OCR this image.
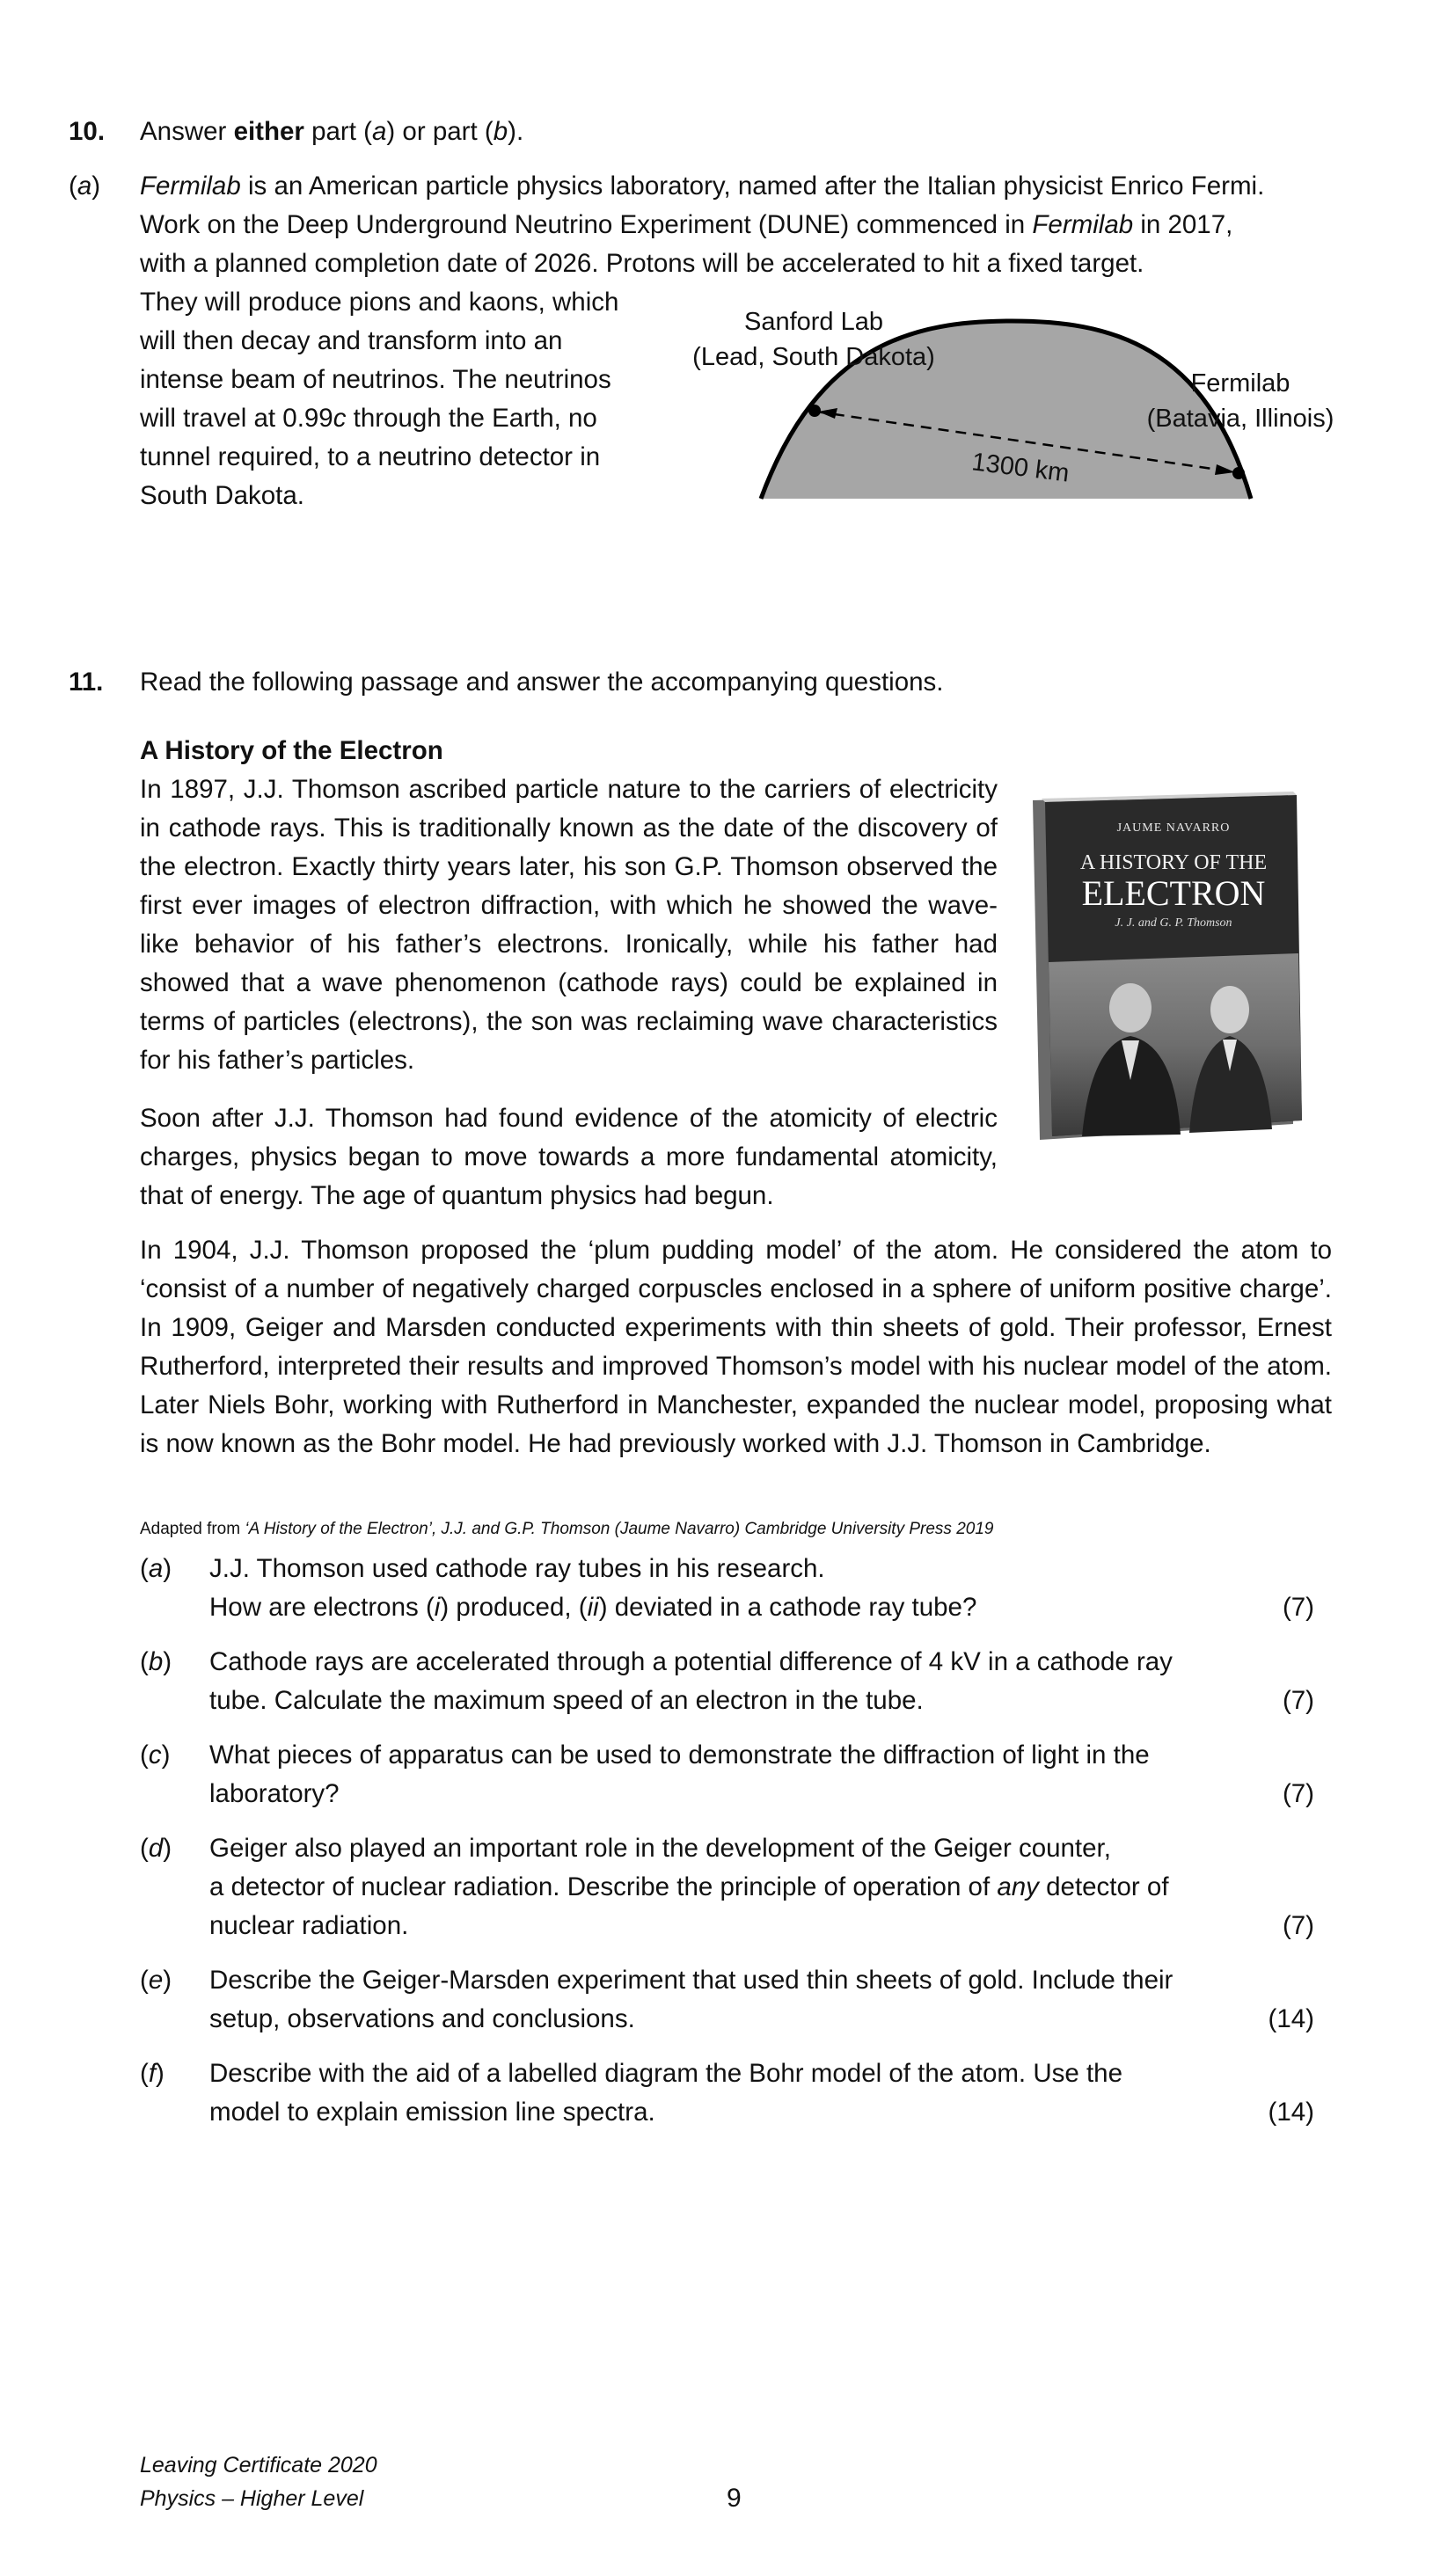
10. Answer either part (a) or part (b).
(a) Fermilab is an American particle physics laboratory, named after the Italian physicist Enrico Fermi.
Work on the Deep Underground Neutrino Experiment (DUNE) commenced in Fermilab in 2017,
with a planned completion date of 2026. Protons will be accelerated to hit a fixed target.
They will produce pions and kaons, which
will then decay and transform into an
intense beam of neutrinos. The neutrinos
will travel at 0.99c through the Earth, no
tunnel required, to a neutrino detector in
South Dakota.
Sanford Lab
(Lead, South Dakota)
Fermilab
(Batavia, Illinois)
1300 km
11. Read the following passage and answer the accompanying questions.
A History of the Electron

In 1897, J.J. Thomson ascribed particle nature to the carriers of electricity in cathode rays. This is traditionally known as the date of the discovery of the electron. Exactly thirty years later, his son G.P. Thomson observed the first ever images of electron diffraction, with which he showed the wave-like behavior of his father’s electrons. Ironically, while his father had showed that a wave phenomenon (cathode rays) could be explained in terms of particles (electrons), the son was reclaiming wave characteristics for his father’s particles.

Soon after J.J. Thomson had found evidence of the atomicity of electric charges, physics began to move towards a more fundamental atomicity, that of energy. The age of quantum physics had begun.

In 1904, J.J. Thomson proposed the ‘plum pudding model’ of the atom. He considered the atom to ‘consist of a number of negatively charged corpuscles enclosed in a sphere of uniform positive charge’. In 1909, Geiger and Marsden conducted experiments with thin sheets of gold. Their professor, Ernest Rutherford, interpreted their results and improved Thomson’s model with his nuclear model of the atom. Later Niels Bohr, working with Rutherford in Manchester, expanded the nuclear model, proposing what is now known as the Bohr model. He had previously worked with J.J. Thomson in Cambridge.

JAUME NAVARRO
A HISTORY OF THE
ELECTRON
J. J. and G. P. Thomson
Adapted from ‘A History of the Electron’, J.J. and G.P. Thomson (Jaume Navarro) Cambridge University Press 2019
(a) J.J. Thomson used cathode ray tubes in his research.
How are electrons (i) produced, (ii) deviated in a cathode ray tube?	(7)
(b) Cathode rays are accelerated through a potential difference of 4 kV in a cathode ray
tube. Calculate the maximum speed of an electron in the tube.	(7)
(c) What pieces of apparatus can be used to demonstrate the diffraction of light in the
laboratory?	(7)
(d) Geiger also played an important role in the development of the Geiger counter,
a detector of nuclear radiation. Describe the principle of operation of any detector of
nuclear radiation.	(7)
(e) Describe the Geiger-Marsden experiment that used thin sheets of gold. Include their
setup, observations and conclusions.	(14)
(f) Describe with the aid of a labelled diagram the Bohr model of the atom. Use the
model to explain emission line spectra.	(14)
Leaving Certificate 2020
Physics – Higher Level	9
